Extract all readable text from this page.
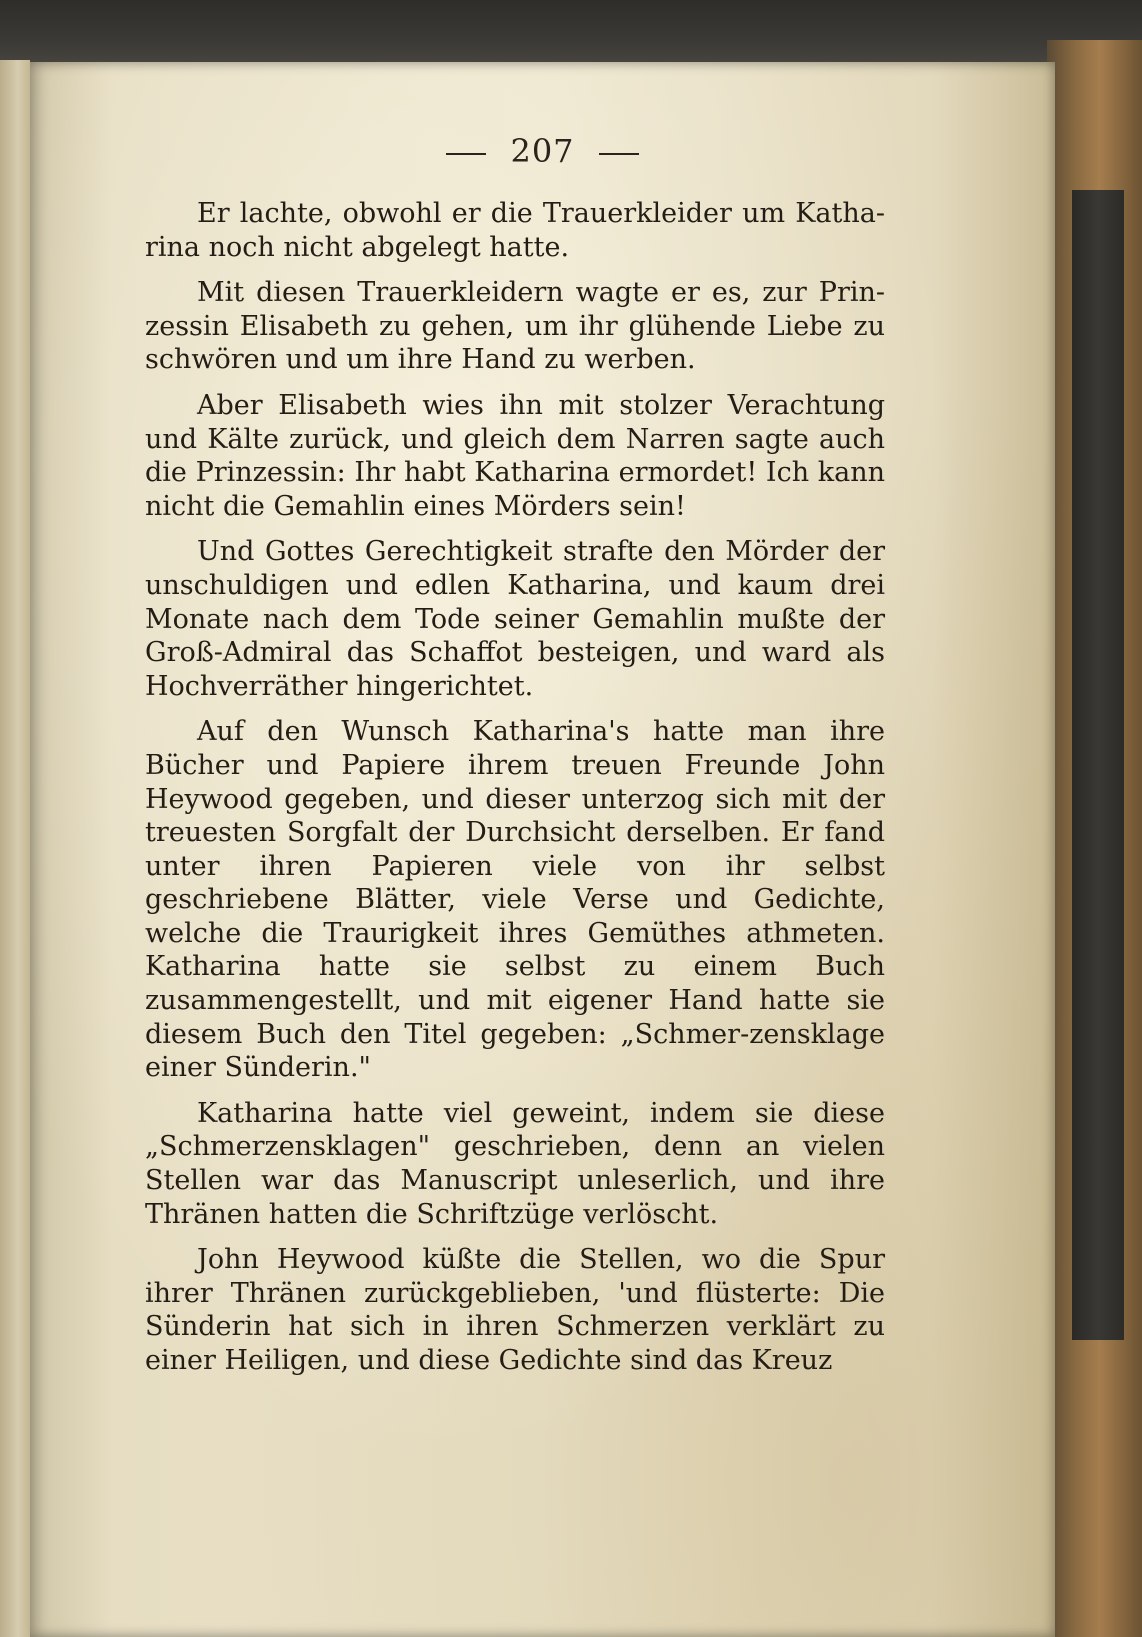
207

Er lachte, obwohl er die Trauerkleider um Katha-rina noch nicht abgelegt hatte.

Mit diesen Trauerkleidern wagte er es, zur Prin-zessin Elisabeth zu gehen, um ihr glühende Liebe zu schwören und um ihre Hand zu werben.

Aber Elisabeth wies ihn mit stolzer Verachtung und Kälte zurück, und gleich dem Narren sagte auch die Prinzessin: Ihr habt Katharina ermordet! Ich kann nicht die Gemahlin eines Mörders sein!

Und Gottes Gerechtigkeit strafte den Mörder der unschuldigen und edlen Katharina, und kaum drei Monate nach dem Tode seiner Gemahlin mußte der Groß-Admiral das Schaffot besteigen, und ward als Hochverräther hingerichtet.

Auf den Wunsch Katharina's hatte man ihre Bücher und Papiere ihrem treuen Freunde John Heywood gegeben, und dieser unterzog sich mit der treuesten Sorgfalt der Durchsicht derselben. Er fand unter ihren Papieren viele von ihr selbst geschriebene Blätter, viele Verse und Gedichte, welche die Traurigkeit ihres Gemüthes athmeten. Katharina hatte sie selbst zu einem Buch zusammengestellt, und mit eigener Hand hatte sie diesem Buch den Titel gegeben: „Schmer-zensklage einer Sünderin."

Katharina hatte viel geweint, indem sie diese „Schmerzensklagen" geschrieben, denn an vielen Stellen war das Manuscript unleserlich, und ihre Thränen hatten die Schriftzüge verlöscht.

John Heywood küßte die Stellen, wo die Spur ihrer Thränen zurückgeblieben, 'und flüsterte: Die Sünderin hat sich in ihren Schmerzen verklärt zu einer Heiligen, und diese Gedichte sind das Kreuz
